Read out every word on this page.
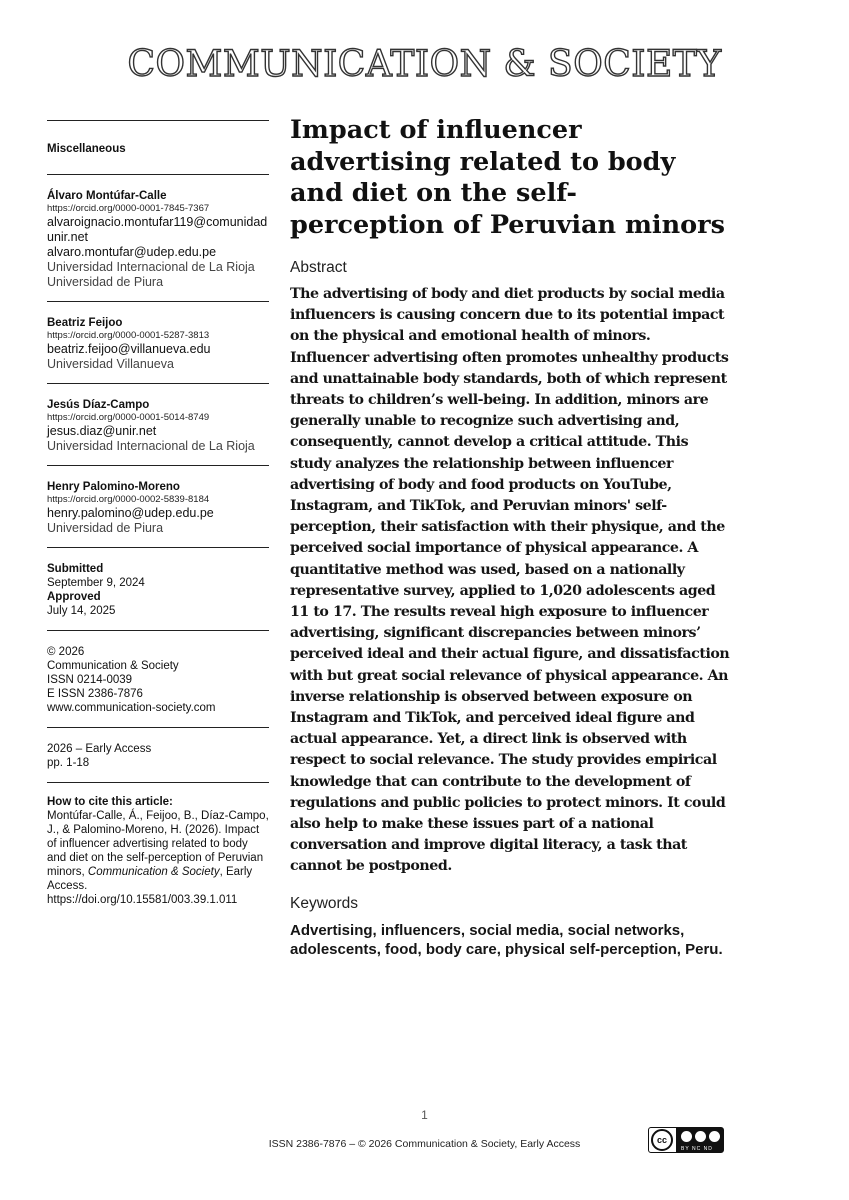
COMMUNICATION & SOCIETY
Miscellaneous
Álvaro Montúfar-Calle
https://orcid.org/0000-0001-7845-7367
alvaroignacio.montufar119@comunidad
unir.net
alvaro.montufar@udep.edu.pe
Universidad Internacional de La Rioja
Universidad de Piura
Beatriz Feijoo
https://orcid.org/0000-0001-5287-3813
beatriz.feijoo@villanueva.edu
Universidad Villanueva
Jesús Díaz-Campo
https://orcid.org/0000-0001-5014-8749
jesus.diaz@unir.net
Universidad Internacional de La Rioja
Henry Palomino-Moreno
https://orcid.org/0000-0002-5839-8184
henry.palomino@udep.edu.pe
Universidad de Piura
Submitted
September 9, 2024
Approved
July 14, 2025
© 2026
Communication & Society
ISSN 0214-0039
E ISSN 2386-7876
www.communication-society.com
2026 – Early Access
pp. 1-18
How to cite this article:
Montúfar-Calle, Á., Feijoo, B., Díaz-Campo, J., & Palomino-Moreno, H. (2026). Impact of influencer advertising related to body and diet on the self-perception of Peruvian minors, Communication & Society, Early Access.
https://doi.org/10.15581/003.39.1.011
Impact of influencer advertising related to body and diet on the self-perception of Peruvian minors
Abstract

The advertising of body and diet products by social media influencers is causing concern due to its potential impact on the physical and emotional health of minors. Influencer advertising often promotes unhealthy products and unattainable body standards, both of which represent threats to children’s well-being. In addition, minors are generally unable to recognize such advertising and, consequently, cannot develop a critical attitude. This study analyzes the relationship between influencer advertising of body and food products on YouTube, Instagram, and TikTok, and Peruvian minors' self-perception, their satisfaction with their physique, and the perceived social importance of physical appearance. A quantitative method was used, based on a nationally representative survey, applied to 1,020 adolescents aged 11 to 17. The results reveal high exposure to influencer advertising, significant discrepancies between minors’ perceived ideal and their actual figure, and dissatisfaction with but great social relevance of physical appearance. An inverse relationship is observed between exposure on Instagram and TikTok, and perceived ideal figure and actual appearance. Yet, a direct link is observed with respect to social relevance. The study provides empirical knowledge that can contribute to the development of regulations and public policies to protect minors. It could also help to make these issues part of a national conversation and improve digital literacy, a task that cannot be postponed.

Keywords
Advertising, influencers, social media, social networks, adolescents, food, body care, physical self-perception, Peru.
1
ISSN 2386-7876 – © 2026 Communication & Society, Early Access	cc
BY NC ND
